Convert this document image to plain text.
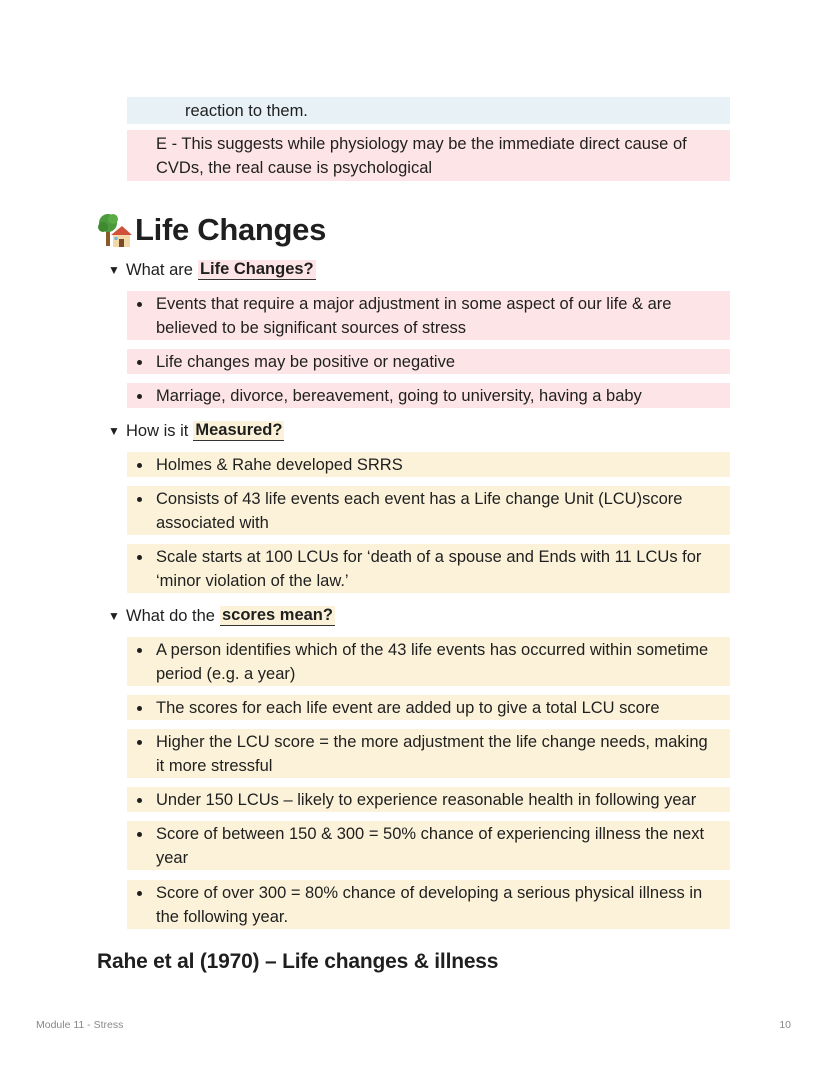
reaction to them.
E - This suggests while physiology may be the immediate direct cause of CVDs, the real cause is psychological
Life Changes
▼ What are Life Changes?
Events that require a major adjustment in some aspect of our life & are believed to be significant sources of stress
Life changes may be positive or negative
Marriage, divorce, bereavement, going to university, having a baby
▼ How is it Measured?
Holmes & Rahe developed SRRS
Consists of 43 life events each event has a Life change Unit (LCU)score associated with
Scale starts at 100 LCUs for ‘death of a spouse and Ends with 11 LCUs for ‘minor violation of the law.’
▼ What do the scores mean?
A person identifies which of the 43 life events has occurred within sometime period (e.g. a year)
The scores for each life event are added up to give a total LCU score
Higher the LCU score = the more adjustment the life change needs, making it more stressful
Under 150 LCUs – likely to experience reasonable health in following year
Score of between 150 & 300 = 50% chance of experiencing illness the next year
Score of over 300 = 80% chance of developing a serious physical illness in the following year.
Rahe et al (1970) – Life changes & illness
Module 11 - Stress	10
